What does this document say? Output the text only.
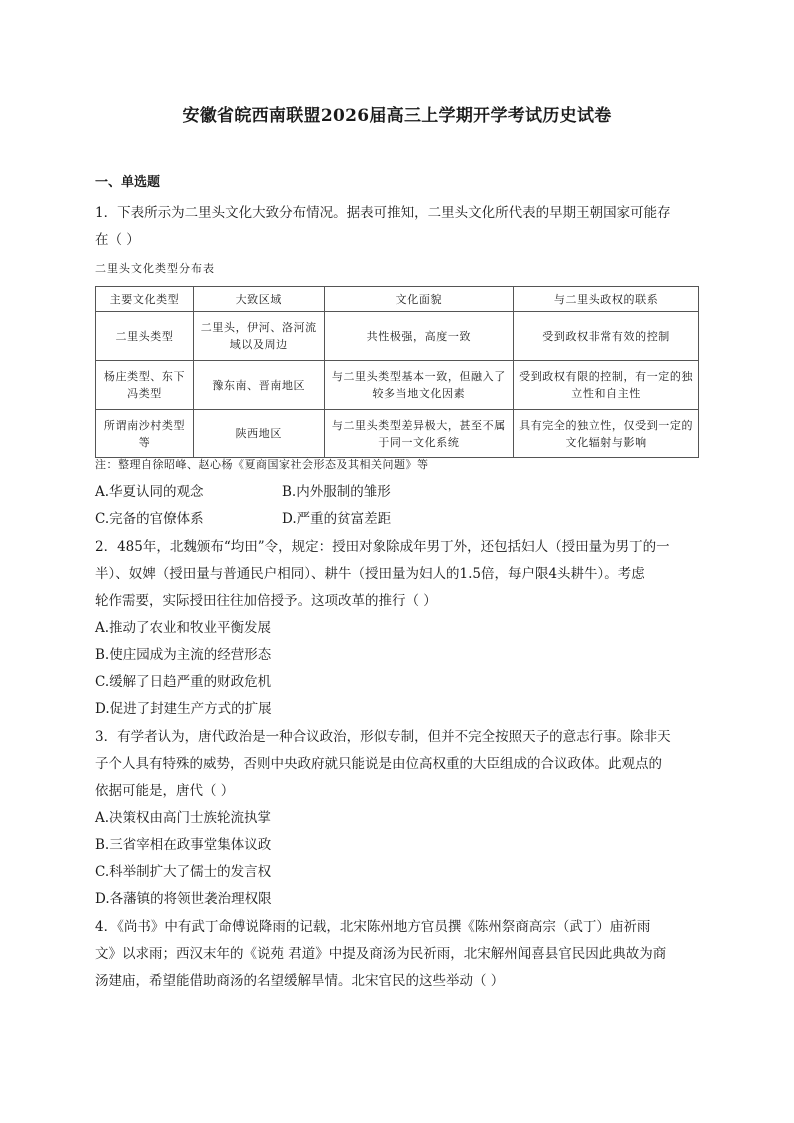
安徽省皖西南联盟2026届高三上学期开学考试历史试卷
一、单选题
1．下表所示为二里头文化大致分布情况。据表可推知，二里头文化所代表的早期王朝国家可能存
在（ ）
二里头文化类型分布表
主要文化类型	大致区域	文化面貌	与二里头政权的联系
二里头类型	二里头，伊河、洛河流域以及周边	共性极强，高度一致	受到政权非常有效的控制
杨庄类型、东下冯类型	豫东南、晋南地区	与二里头类型基本一致，但融入了较多当地文化因素	受到政权有限的控制，有一定的独立性和自主性
所谓南沙村类型等	陕西地区	与二里头类型差异极大，甚至不属于同一文化系统	具有完全的独立性，仅受到一定的文化辐射与影响
注：整理自徐昭峰、赵心杨《夏商国家社会形态及其相关问题》等
A.华夏认同的观念	B.内外服制的雏形
C.完备的官僚体系	D.严重的贫富差距
2．485年，北魏颁布“均田”令，规定：授田对象除成年男丁外，还包括妇人（授田量为男丁的一
半）、奴婢（授田量与普通民户相同）、耕牛（授田量为妇人的1.5倍，每户限4头耕牛）。考虑
轮作需要，实际授田往往加倍授予。这项改革的推行（ ）
A.推动了农业和牧业平衡发展
B.使庄园成为主流的经营形态
C.缓解了日趋严重的财政危机
D.促进了封建生产方式的扩展
3．有学者认为，唐代政治是一种合议政治，形似专制，但并不完全按照天子的意志行事。除非天
子个人具有特殊的威势，否则中央政府就只能说是由位高权重的大臣组成的合议政体。此观点的
依据可能是，唐代（ ）
A.决策权由高门士族轮流执掌
B.三省宰相在政事堂集体议政
C.科举制扩大了儒士的发言权
D.各藩镇的将领世袭治理权限
4．《尚书》中有武丁命傅说降雨的记载，北宋陈州地方官员撰《陈州祭商高宗（武丁）庙祈雨
文》以求雨；西汉末年的《说苑 君道》中提及商汤为民祈雨，北宋解州闻喜县官民因此典故为商
汤建庙，希望能借助商汤的名望缓解旱情。北宋官民的这些举动（ ）
